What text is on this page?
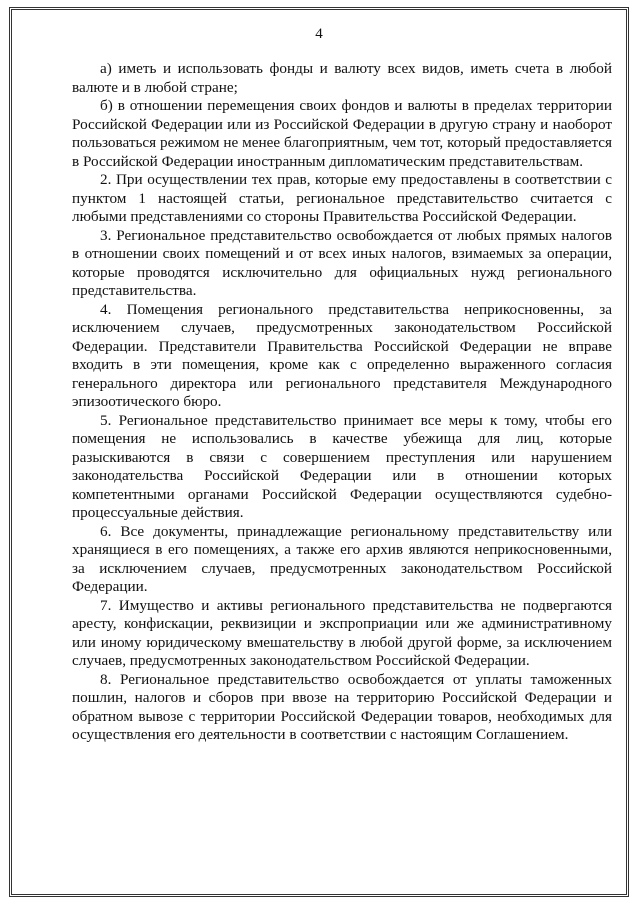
4

а) иметь и использовать фонды и валюту всех видов, иметь счета в любой валюте и в любой стране;

б) в отношении перемещения своих фондов и валюты в пределах территории Российской Федерации или из Российской Федерации в другую страну и наоборот пользоваться режимом не менее благоприятным, чем тот, который предоставляется в Российской Федерации иностранным дипломатическим представительствам.

2. При осуществлении тех прав, которые ему предоставлены в соответствии с пунктом 1 настоящей статьи, региональное представительство считается с любыми представлениями со стороны Правительства Российской Федерации.

3. Региональное представительство освобождается от любых прямых налогов в отношении своих помещений и от всех иных налогов, взимаемых за операции, которые проводятся исключительно для официальных нужд регионального представительства.

4. Помещения регионального представительства неприкосновенны, за исключением случаев, предусмотренных законодательством Российской Федерации. Представители Правительства Российской Федерации не вправе входить в эти помещения, кроме как с определенно выраженного согласия генерального директора или регионального представителя Международного эпизоотического бюро.

5. Региональное представительство принимает все меры к тому, чтобы его помещения не использовались в качестве убежища для лиц, которые разыскиваются в связи с совершением преступления или нарушением законодательства Российской Федерации или в отношении которых компетентными органами Российской Федерации осуществляются судебно-процессуальные действия.

6. Все документы, принадлежащие региональному представительству или хранящиеся в его помещениях, а также его архив являются неприкосновенными, за исключением случаев, предусмотренных законодательством Российской Федерации.

7. Имущество и активы регионального представительства не подвергаются аресту, конфискации, реквизиции и экспроприации или же административному или иному юридическому вмешательству в любой другой форме, за исключением случаев, предусмотренных законодательством Российской Федерации.

8. Региональное представительство освобождается от уплаты таможенных пошлин, налогов и сборов при ввозе на территорию Российской Федерации и обратном вывозе с территории Российской Федерации товаров, необходимых для осуществления его деятельности в соответствии с настоящим Соглашением.
